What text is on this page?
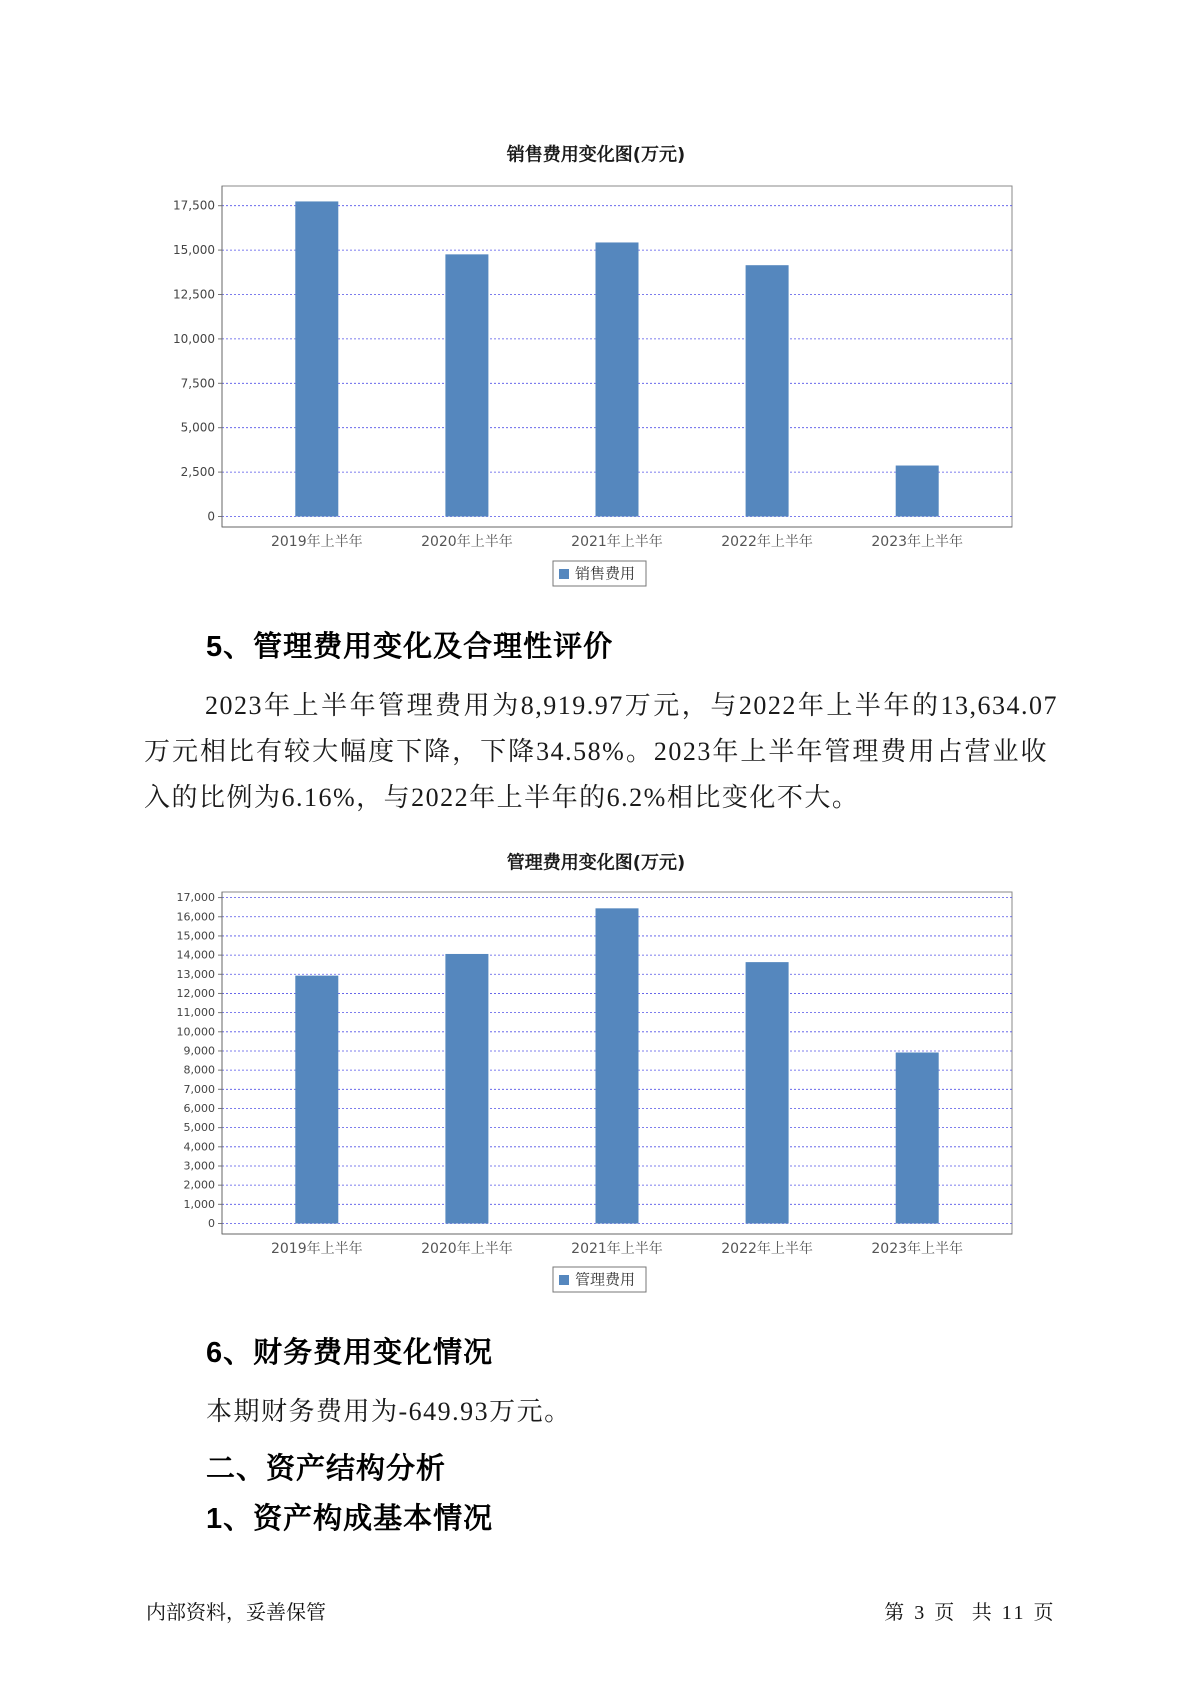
销售费用变化图(万元)
0
2,500
5,000
7,500
10,000
12,500
15,000
17,500
2019年上半年	2020年上半年	2021年上半年	2022年上半年	2023年上半年
销售费用
5、管理费用变化及合理性评价
2023年上半年管理费用为8,919.97万元，与2022年上半年的13,634.07
万元相比有较大幅度下降，下降34.58%。2023年上半年管理费用占营业收
入的比例为6.16%，与2022年上半年的6.2%相比变化不大。
管理费用变化图(万元)
0
1,000
2,000
3,000
4,000
5,000
6,000
7,000
8,000
9,000
10,000
11,000
12,000
13,000
14,000
15,000
16,000
17,000
2019年上半年	2020年上半年	2021年上半年	2022年上半年	2023年上半年
管理费用
6、财务费用变化情况
本期财务费用为-649.93万元。
二、资产结构分析
1、资产构成基本情况
内部资料，妥善保管	第 3 页  共 11 页
